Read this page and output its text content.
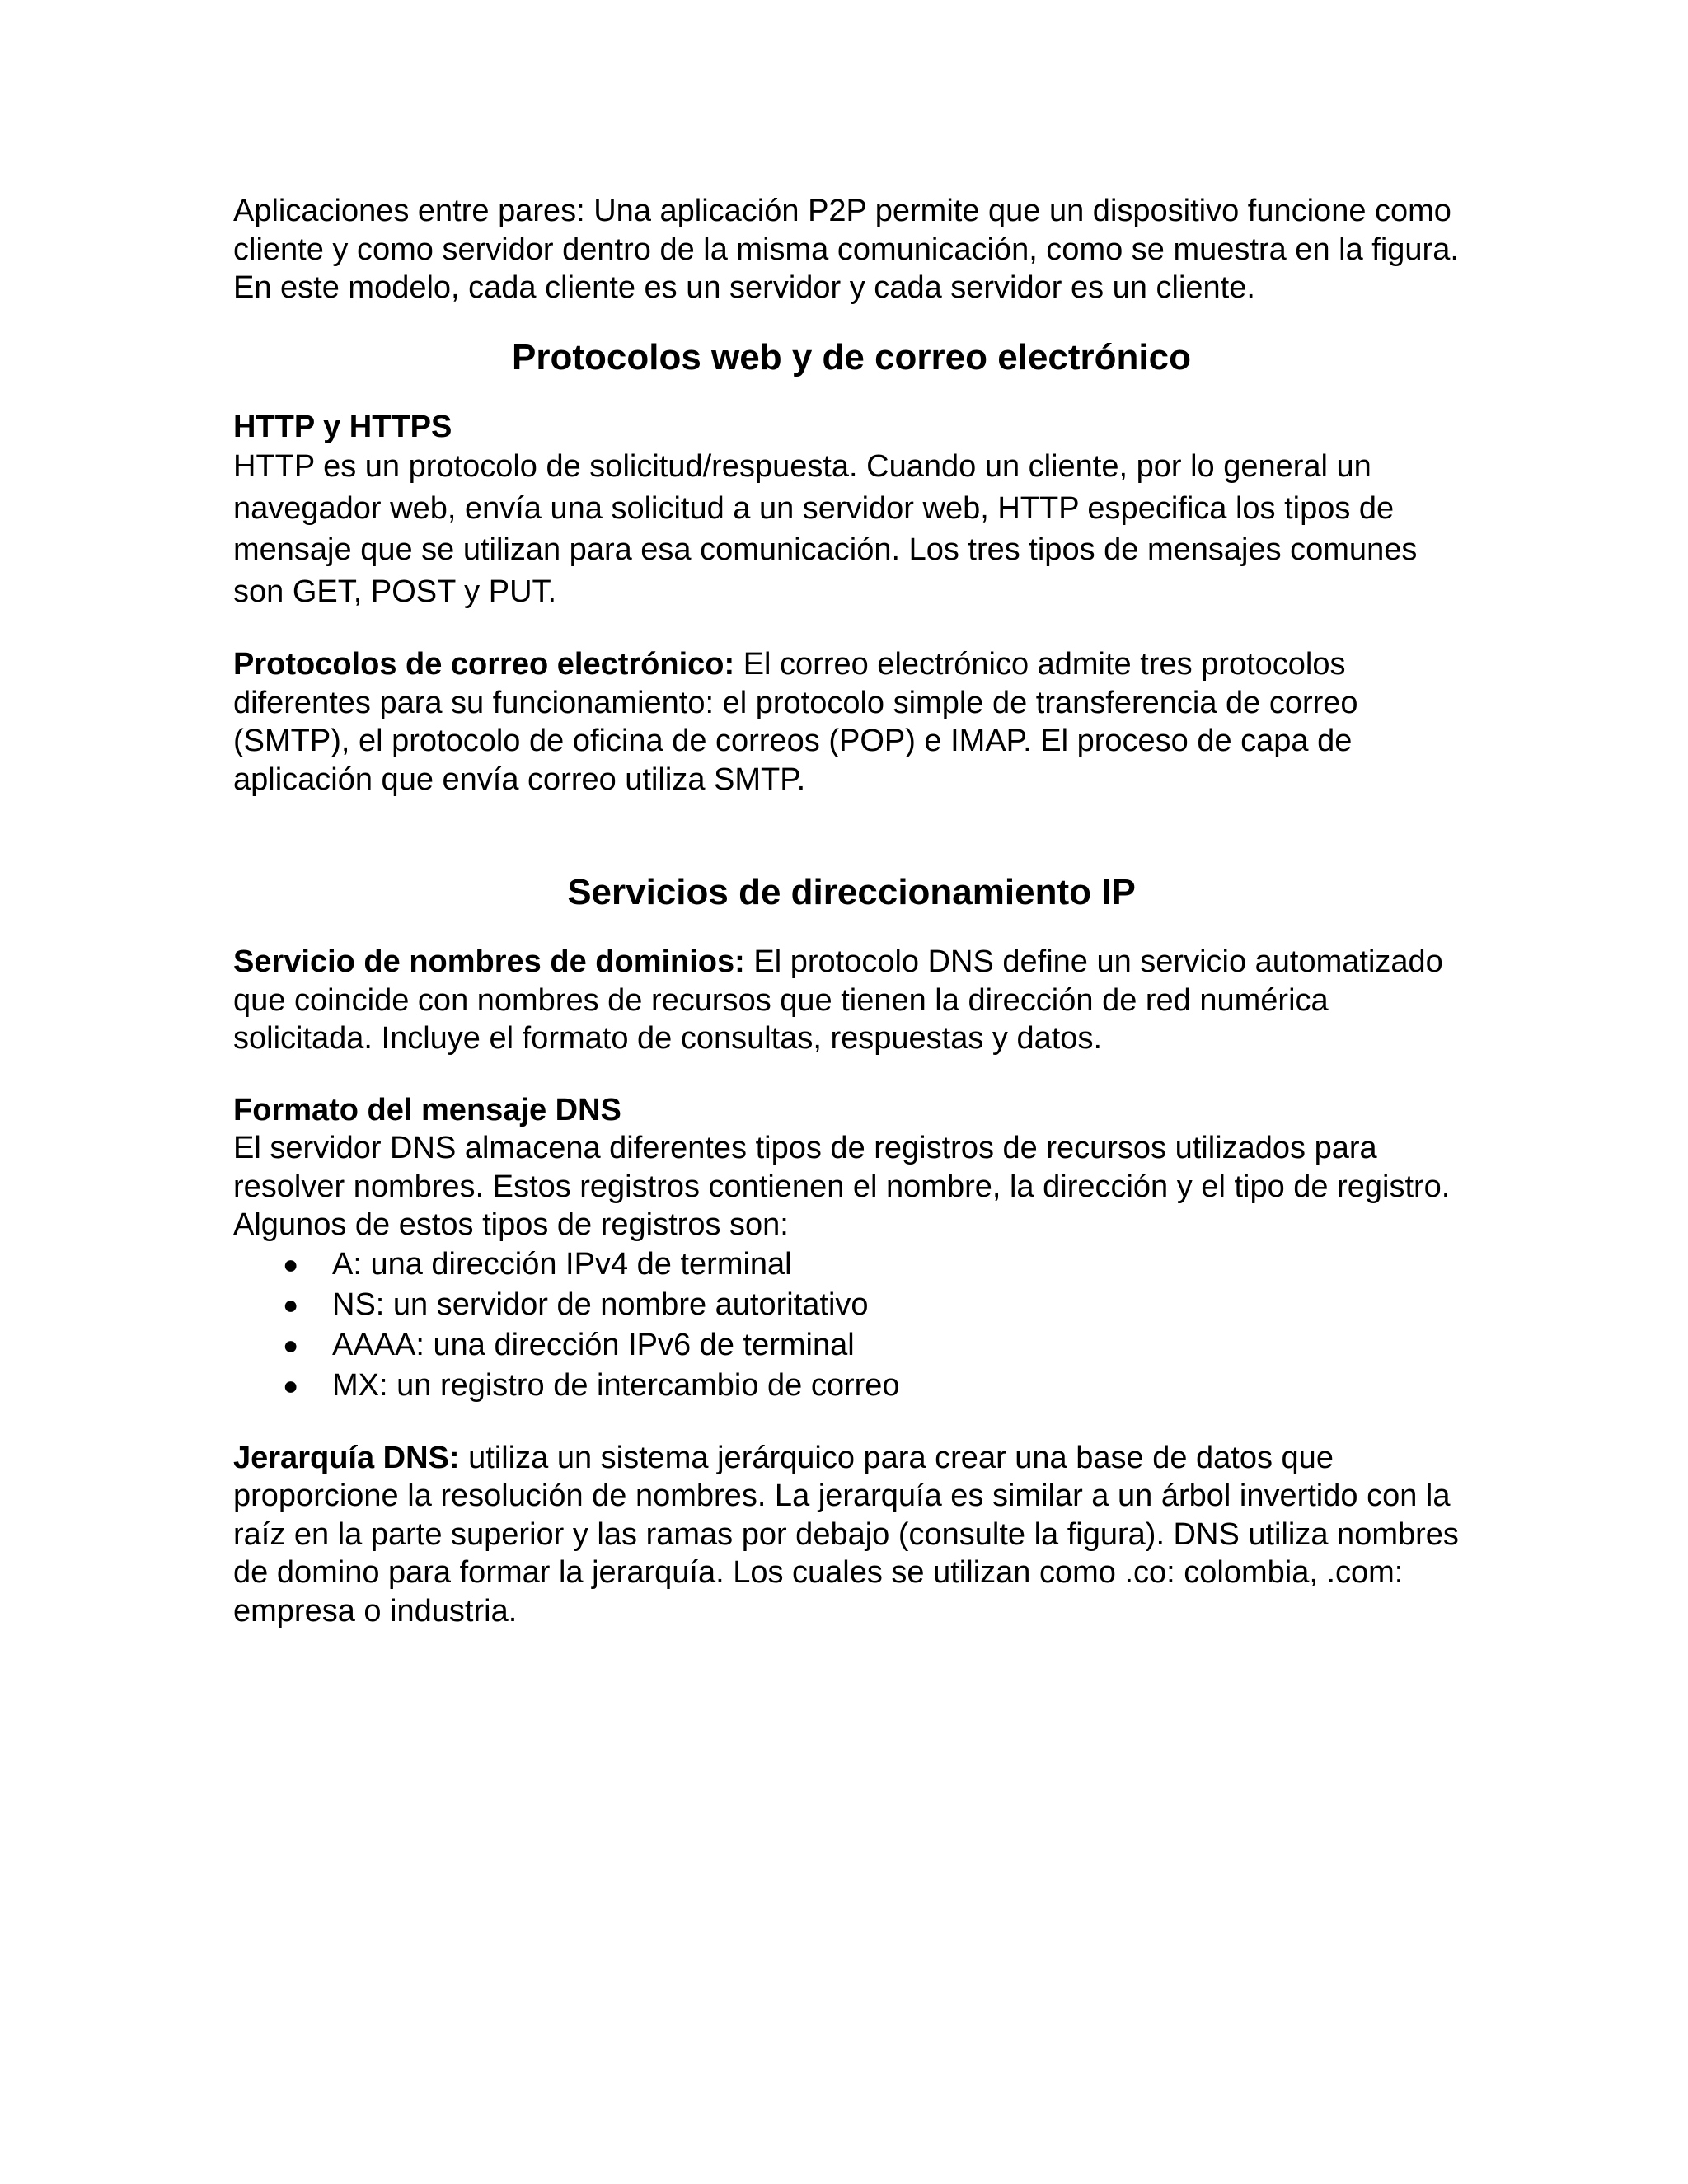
Aplicaciones entre pares: Una aplicación P2P permite que un dispositivo funcione como cliente y como servidor dentro de la misma comunicación, como se muestra en la figura. En este modelo, cada cliente es un servidor y cada servidor es un cliente.

Protocolos web y de correo electrónico
HTTP y HTTPS

HTTP es un protocolo de solicitud/respuesta. Cuando un cliente, por lo general un navegador web, envía una solicitud a un servidor web, HTTP especifica los tipos de mensaje que se utilizan para esa comunicación. Los tres tipos de mensajes comunes son GET, POST y PUT.

Protocolos de correo electrónico: El correo electrónico admite tres protocolos diferentes para su funcionamiento: el protocolo simple de transferencia de correo (SMTP), el protocolo de oficina de correos (POP) e IMAP. El proceso de capa de aplicación que envía correo utiliza SMTP.

Servicios de direccionamiento IP

Servicio de nombres de dominios: El protocolo DNS define un servicio automatizado que coincide con nombres de recursos que tienen la dirección de red numérica solicitada. Incluye el formato de consultas, respuestas y datos.

Formato del mensaje DNS

El servidor DNS almacena diferentes tipos de registros de recursos utilizados para resolver nombres. Estos registros contienen el nombre, la dirección y el tipo de registro. Algunos de estos tipos de registros son:

● A: una dirección IPv4 de terminal
● NS: un servidor de nombre autoritativo
● AAAA: una dirección IPv6 de terminal
● MX: un registro de intercambio de correo

Jerarquía DNS: utiliza un sistema jerárquico para crear una base de datos que proporcione la resolución de nombres. La jerarquía es similar a un árbol invertido con la raíz en la parte superior y las ramas por debajo (consulte la figura). DNS utiliza nombres de domino para formar la jerarquía. Los cuales se utilizan como .co: colombia, .com: empresa o industria.
